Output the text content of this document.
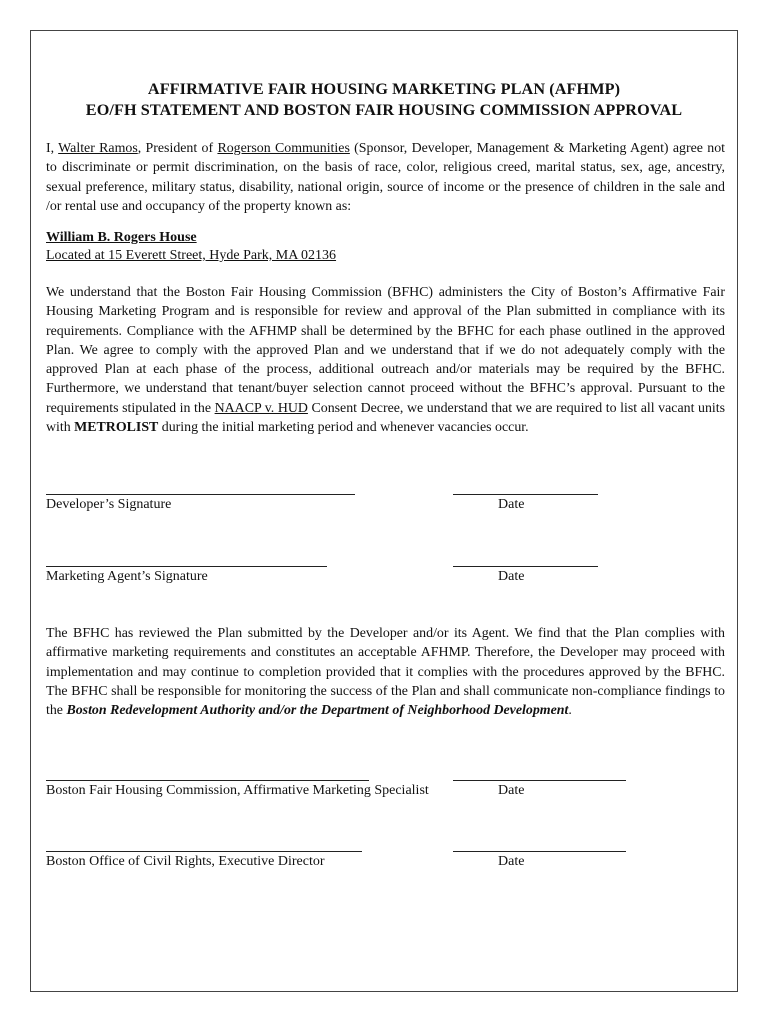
AFFIRMATIVE FAIR HOUSING MARKETING PLAN (AFHMP)
EO/FH STATEMENT AND BOSTON FAIR HOUSING COMMISSION APPROVAL

I, Walter Ramos, President of Rogerson Communities (Sponsor, Developer, Management & Marketing Agent) agree not to discriminate or permit discrimination, on the basis of race, color, religious creed, marital status, sex, age, ancestry, sexual preference, military status, disability, national origin, source of income or the presence of children in the sale and /or rental use and occupancy of the property known as:

William B. Rogers House
Located at 15 Everett Street, Hyde Park, MA 02136

We understand that the Boston Fair Housing Commission (BFHC) administers the City of Boston’s Affirmative Fair Housing Marketing Program and is responsible for review and approval of the Plan submitted in compliance with its requirements. Compliance with the AFHMP shall be determined by the BFHC for each phase outlined in the approved Plan. We agree to comply with the approved Plan and we understand that if we do not adequately comply with the approved Plan at each phase of the process, additional outreach and/or materials may be required by the BFHC. Furthermore, we understand that tenant/buyer selection cannot proceed without the BFHC’s approval. Pursuant to the requirements stipulated in the NAACP v. HUD Consent Decree, we understand that we are required to list all vacant units with METROLIST during the initial marketing period and whenever vacancies occur.

Developer’s Signature	Date
Marketing Agent’s Signature	Date

The BFHC has reviewed the Plan submitted by the Developer and/or its Agent. We find that the Plan complies with affirmative marketing requirements and constitutes an acceptable AFHMP. Therefore, the Developer may proceed with implementation and may continue to completion provided that it complies with the procedures approved by the BFHC. The BFHC shall be responsible for monitoring the success of the Plan and shall communicate non-compliance findings to the Boston Redevelopment Authority and/or the Department of Neighborhood Development.

Boston Fair Housing Commission, Affirmative Marketing Specialist	Date
Boston Office of Civil Rights, Executive Director	Date
